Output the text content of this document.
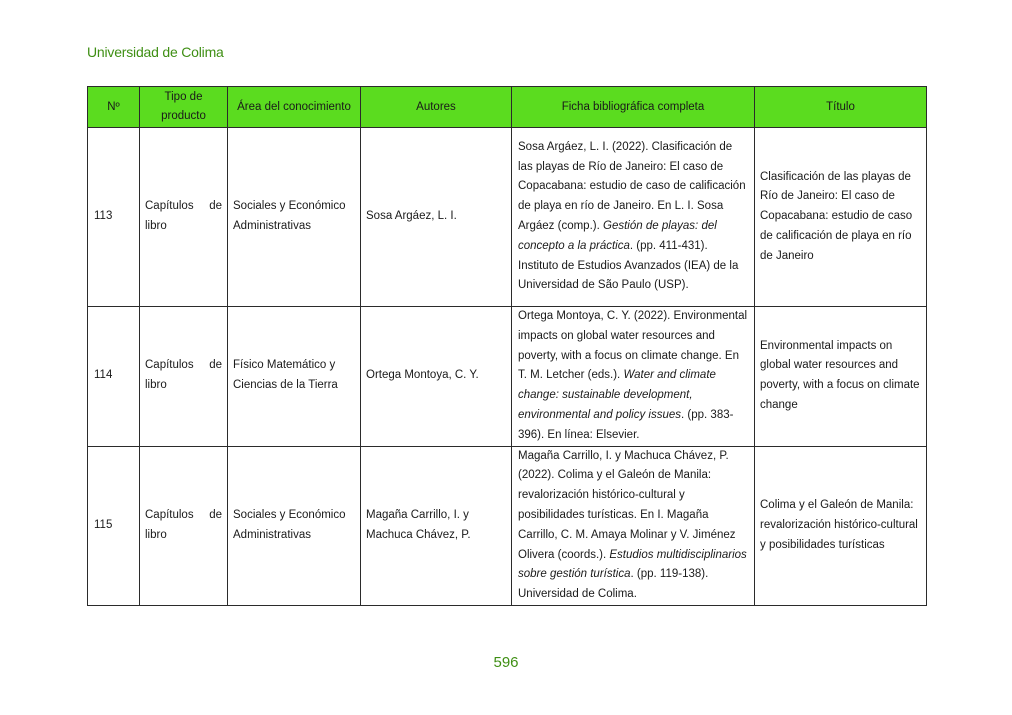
Universidad de Colima
Nº	Tipo de producto	Área del conocimiento	Autores	Ficha bibliográfica completa	Título
113	Capítulos de libro	Sociales y Económico Administrativas	Sosa Argáez, L. I.	Sosa Argáez, L. I. (2022). Clasificación de las playas de Río de Janeiro: El caso de Copacabana: estudio de caso de calificación de playa en río de Janeiro. En L. I. Sosa Argáez (comp.). Gestión de playas: del concepto a la práctica. (pp. 411-431). Instituto de Estudios Avanzados (IEA) de la Universidad de São Paulo (USP).	Clasificación de las playas de Río de Janeiro: El caso de Copacabana: estudio de caso de calificación de playa en río de Janeiro
114	Capítulos de libro	Físico Matemático y Ciencias de la Tierra	Ortega Montoya, C. Y.	Ortega Montoya, C. Y. (2022). Environmental impacts on global water resources and poverty, with a focus on climate change. En T. M. Letcher (eds.). Water and climate change: sustainable development, environmental and policy issues. (pp. 383-396). En línea: Elsevier.	Environmental impacts on global water resources and poverty, with a focus on climate change
115	Capítulos de libro	Sociales y Económico Administrativas	Magaña Carrillo, I. y Machuca Chávez, P.	Magaña Carrillo, I. y Machuca Chávez, P. (2022). Colima y el Galeón de Manila: revalorización histórico-cultural y posibilidades turísticas. En I. Magaña Carrillo, C. M. Amaya Molinar y V. Jiménez Olivera (coords.). Estudios multidisciplinarios sobre gestión turística. (pp. 119-138). Universidad de Colima.	Colima y el Galeón de Manila: revalorización histórico-cultural y posibilidades turísticas
596
